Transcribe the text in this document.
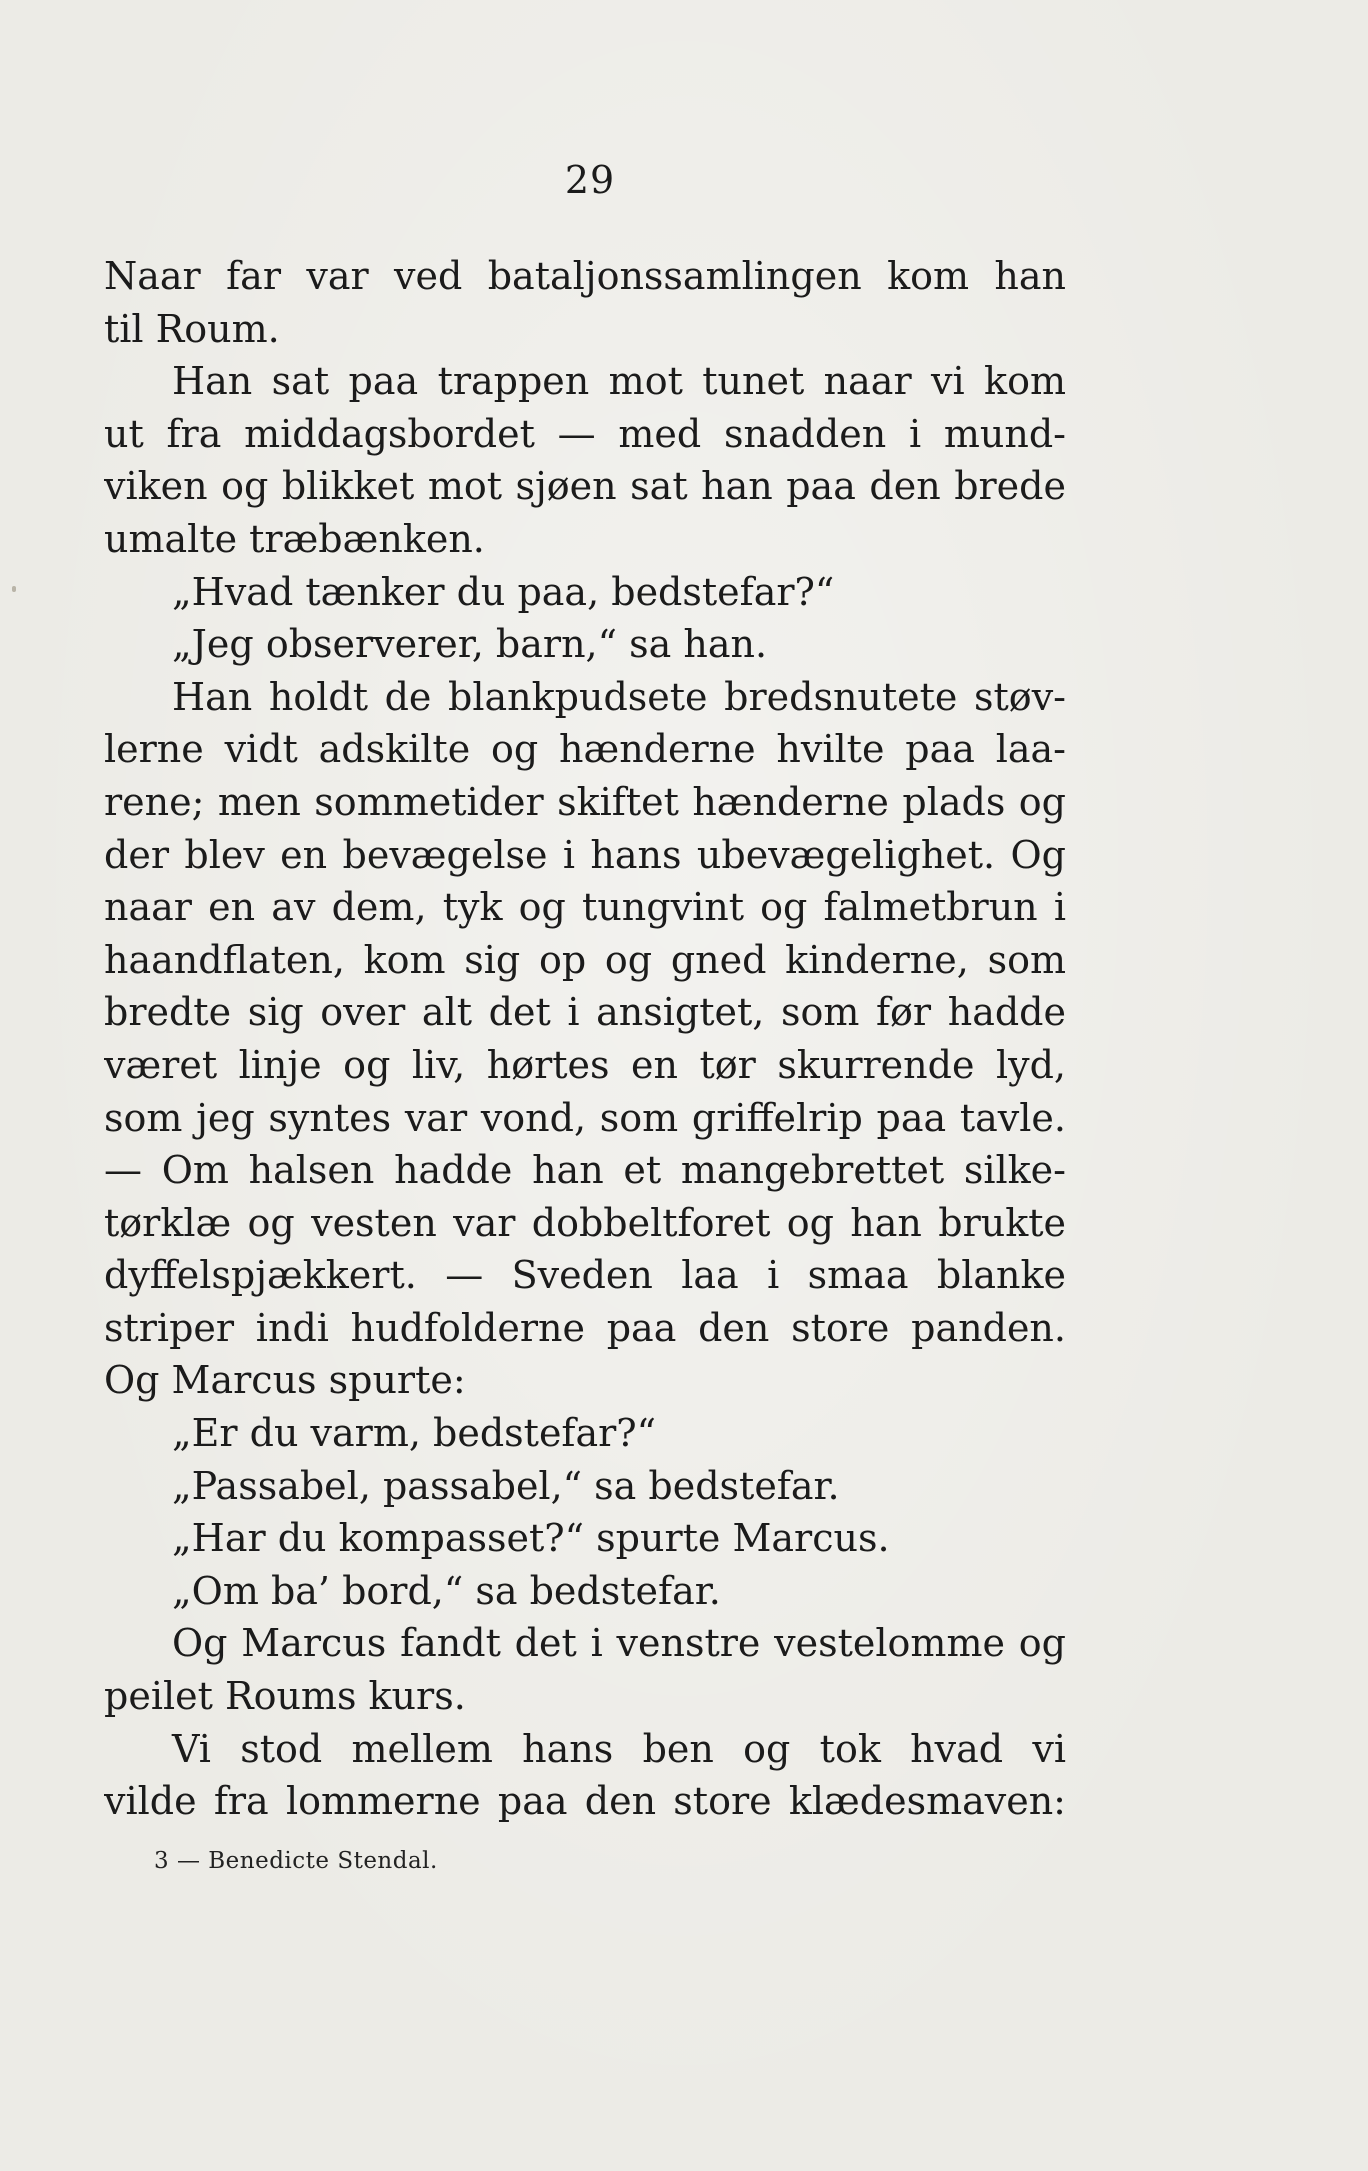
29
Naar far var ved bataljonssamlingen kom han
til Roum.
Han sat paa trappen mot tunet naar vi kom
ut fra middagsbordet — med snadden i mund-
viken og blikket mot sjøen sat han paa den brede
umalte træbænken.
„Hvad tænker du paa, bedstefar?“
„Jeg observerer, barn,“ sa han.
Han holdt de blankpudsete bredsnutete støv-
lerne vidt adskilte og hænderne hvilte paa laa-
rene; men sommetider skiftet hænderne plads og
der blev en bevægelse i hans ubevægelighet. Og
naar en av dem, tyk og tungvint og falmetbrun i
haandflaten, kom sig op og gned kinderne, som
bredte sig over alt det i ansigtet, som før hadde
været linje og liv, hørtes en tør skurrende lyd,
som jeg syntes var vond, som griffelrip paa tavle.
— Om halsen hadde han et mangebrettet silke-
tørklæ og vesten var dobbeltforet og han brukte
dyffelspjækkert. — Sveden laa i smaa blanke
striper indi hudfolderne paa den store panden.
Og Marcus spurte:
„Er du varm, bedstefar?“
„Passabel, passabel,“ sa bedstefar.
„Har du kompasset?“ spurte Marcus.
„Om ba’ bord,“ sa bedstefar.
Og Marcus fandt det i venstre vestelomme og
peilet Roums kurs.
Vi stod mellem hans ben og tok hvad vi
vilde fra lommerne paa den store klædesmaven:
3 — Benedicte Stendal.
